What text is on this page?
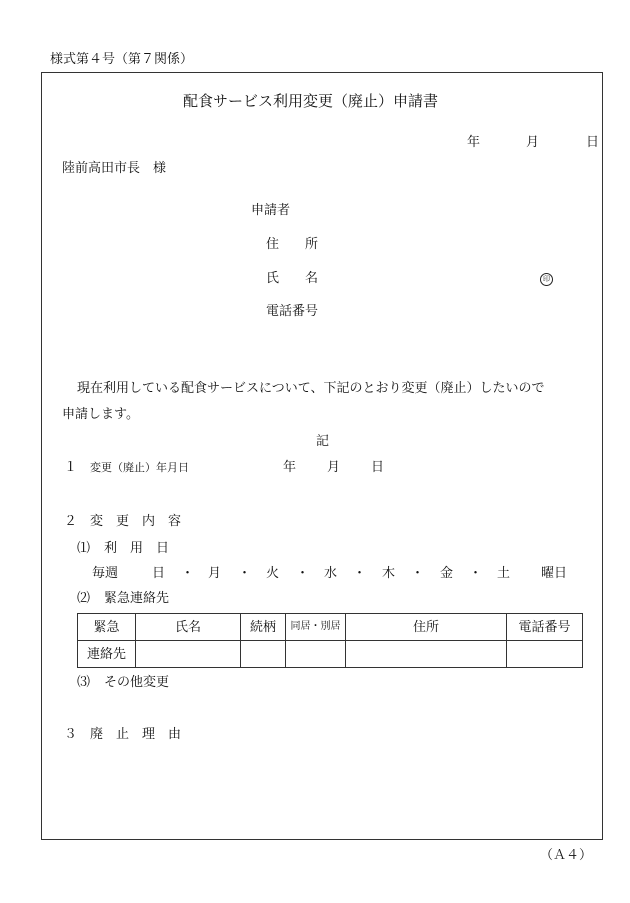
様式第４号（第７関係）
配食サービス利用変更（廃止）申請書
年	月	日
陸前高田市長　様
申請者
住　　所
氏　　名	印
電話番号
現在利用している配食サービスについて、下記のとおり変更（廃止）したいので
申請します。
記
１ 変更（廃止）年月日	年 月 日
２ 変　更　内　容
⑴ 利　用　日
毎週	日 ・ 月 ・ 火 ・ 水 ・ 木 ・ 金 ・ 土 曜日
⑵ 緊急連絡先
緊急	氏名	続柄	同居・別居	住所	電話番号
連絡先					
⑶ その他変更
３ 廃　止　理　由
（Ａ４）
